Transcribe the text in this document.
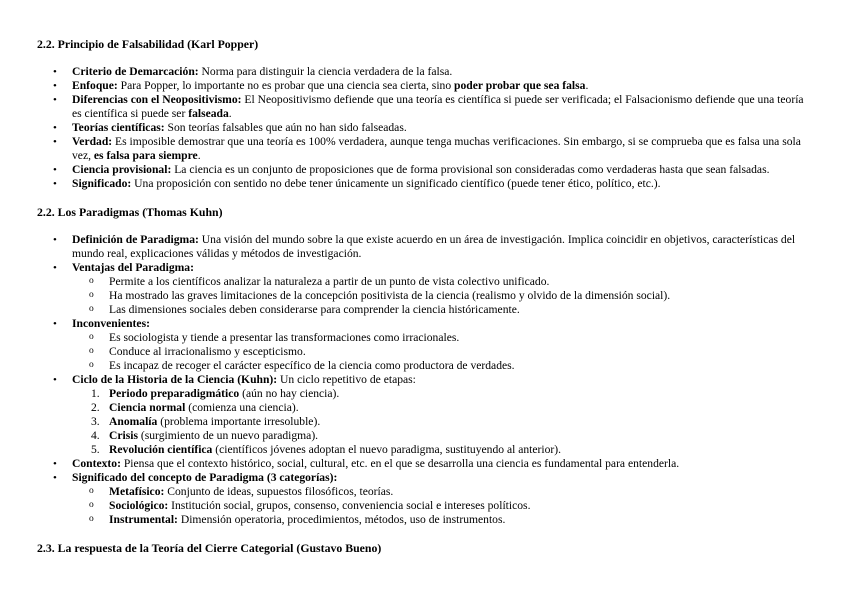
2.2. Principio de Falsabilidad (Karl Popper)
• Criterio de Demarcación: Norma para distinguir la ciencia verdadera de la falsa.
• Enfoque: Para Popper, lo importante no es probar que una ciencia sea cierta, sino poder probar que sea falsa.
• Diferencias con el Neopositivismo: El Neopositivismo defiende que una teoría es científica si puede ser verificada; el Falsacionismo defiende que una teoría es científica si puede ser falseada.
• Teorías científicas: Son teorías falsables que aún no han sido falseadas.
• Verdad: Es imposible demostrar que una teoría es 100% verdadera, aunque tenga muchas verificaciones. Sin embargo, si se comprueba que es falsa una sola vez, es falsa para siempre.
• Ciencia provisional: La ciencia es un conjunto de proposiciones que de forma provisional son consideradas como verdaderas hasta que sean falsadas.
• Significado: Una proposición con sentido no debe tener únicamente un significado científico (puede tener ético, político, etc.).
2.2. Los Paradigmas (Thomas Kuhn)
• Definición de Paradigma: Una visión del mundo sobre la que existe acuerdo en un área de investigación. Implica coincidir en objetivos, características del mundo real, explicaciones válidas y métodos de investigación.
• Ventajas del Paradigma:
o Permite a los científicos analizar la naturaleza a partir de un punto de vista colectivo unificado.
o Ha mostrado las graves limitaciones de la concepción positivista de la ciencia (realismo y olvido de la dimensión social).
o Las dimensiones sociales deben considerarse para comprender la ciencia históricamente.
• Inconvenientes:
o Es sociologista y tiende a presentar las transformaciones como irracionales.
o Conduce al irracionalismo y escepticismo.
o Es incapaz de recoger el carácter específico de la ciencia como productora de verdades.
• Ciclo de la Historia de la Ciencia (Kuhn): Un ciclo repetitivo de etapas:
1. Periodo preparadigmático (aún no hay ciencia).
2. Ciencia normal (comienza una ciencia).
3. Anomalía (problema importante irresoluble).
4. Crisis (surgimiento de un nuevo paradigma).
5. Revolución científica (científicos jóvenes adoptan el nuevo paradigma, sustituyendo al anterior).
• Contexto: Piensa que el contexto histórico, social, cultural, etc. en el que se desarrolla una ciencia es fundamental para entenderla.
• Significado del concepto de Paradigma (3 categorías):
o Metafísico: Conjunto de ideas, supuestos filosóficos, teorías.
o Sociológico: Institución social, grupos, consenso, conveniencia social e intereses políticos.
o Instrumental: Dimensión operatoria, procedimientos, métodos, uso de instrumentos.
2.3. La respuesta de la Teoría del Cierre Categorial (Gustavo Bueno)
